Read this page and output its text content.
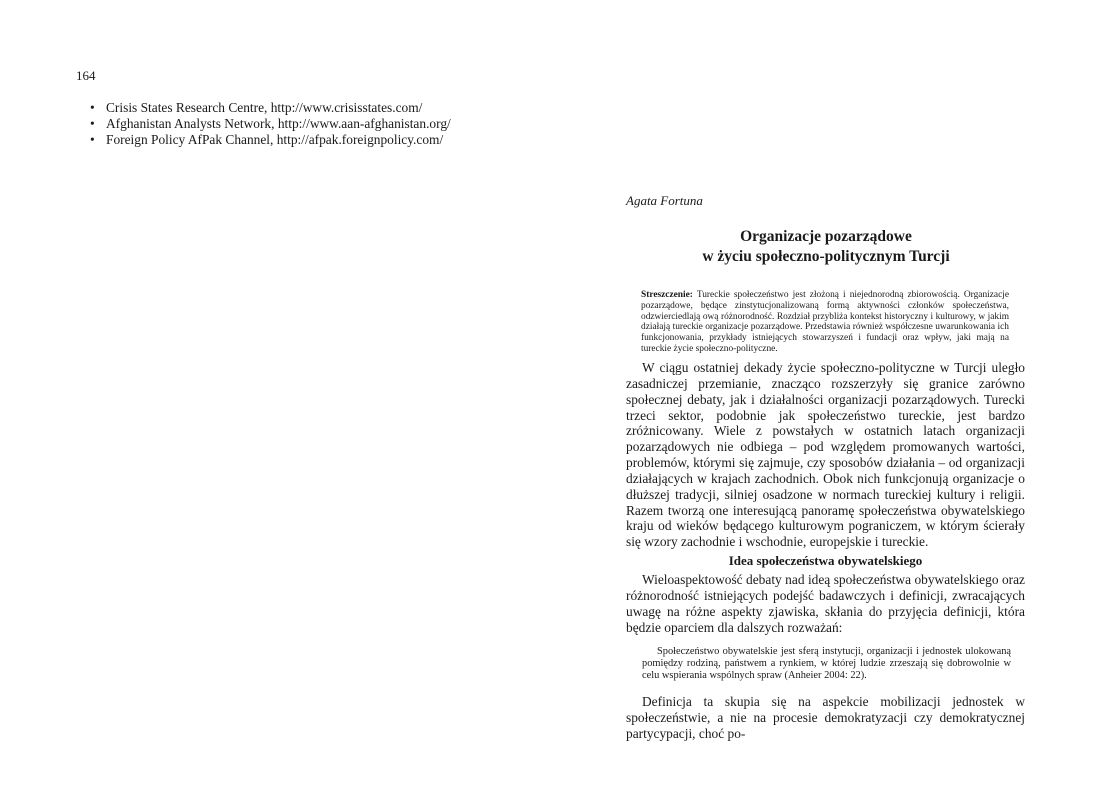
164
• Crisis States Research Centre, http://www.crisisstates.com/
• Afghanistan Analysts Network, http://www.aan-afghanistan.org/
• Foreign Policy AfPak Channel, http://afpak.foreignpolicy.com/
Agata Fortuna
Organizacje pozarządowe
w życiu społeczno-politycznym Turcji
Streszczenie: Tureckie społeczeństwo jest złożoną i niejednorodną zbiorowością. Organizacje pozarządowe, będące zinstytucjonalizowaną formą aktywności członków społeczeństwa, odzwierciedlają ową różnorodność. Rozdział przybliża kontekst historyczny i kulturowy, w jakim działają tureckie organizacje pozarządowe. Przedstawia również współczesne uwarunkowania ich funkcjonowania, przykłady istniejących stowarzyszeń i fundacji oraz wpływ, jaki mają na tureckie życie społeczno-polityczne.

W ciągu ostatniej dekady życie społeczno-polityczne w Turcji uległo zasadniczej przemianie, znacząco rozszerzyły się granice zarówno społecznej debaty, jak i działalności organizacji pozarządowych. Turecki trzeci sektor, podobnie jak społeczeństwo tureckie, jest bardzo zróżnicowany. Wiele z powstałych w ostatnich latach organizacji pozarządowych nie odbiega – pod względem promowanych wartości, problemów, którymi się zajmuje, czy sposobów działania – od organizacji działających w krajach zachodnich. Obok nich funkcjonują organizacje o dłuższej tradycji, silniej osadzone w normach tureckiej kultury i religii. Razem tworzą one interesującą panoramę społeczeństwa obywatelskiego kraju od wieków będącego kulturowym pograniczem, w którym ścierały się wzory zachodnie i wschodnie, europejskie i tureckie.

Idea społeczeństwa obywatelskiego

Wieloaspektowość debaty nad ideą społeczeństwa obywatelskiego oraz różnorodność istniejących podejść badawczych i definicji, zwracających uwagę na różne aspekty zjawiska, skłania do przyjęcia definicji, która będzie oparciem dla dalszych rozważań:

Społeczeństwo obywatelskie jest sferą instytucji, organizacji i jednostek ulokowaną pomiędzy rodziną, państwem a rynkiem, w której ludzie zrzeszają się dobrowolnie w celu wspierania wspólnych spraw (Anheier 2004: 22).

Definicja ta skupia się na aspekcie mobilizacji jednostek w społeczeństwie, a nie na procesie demokratyzacji czy demokratycznej partycypacji, choć po-
